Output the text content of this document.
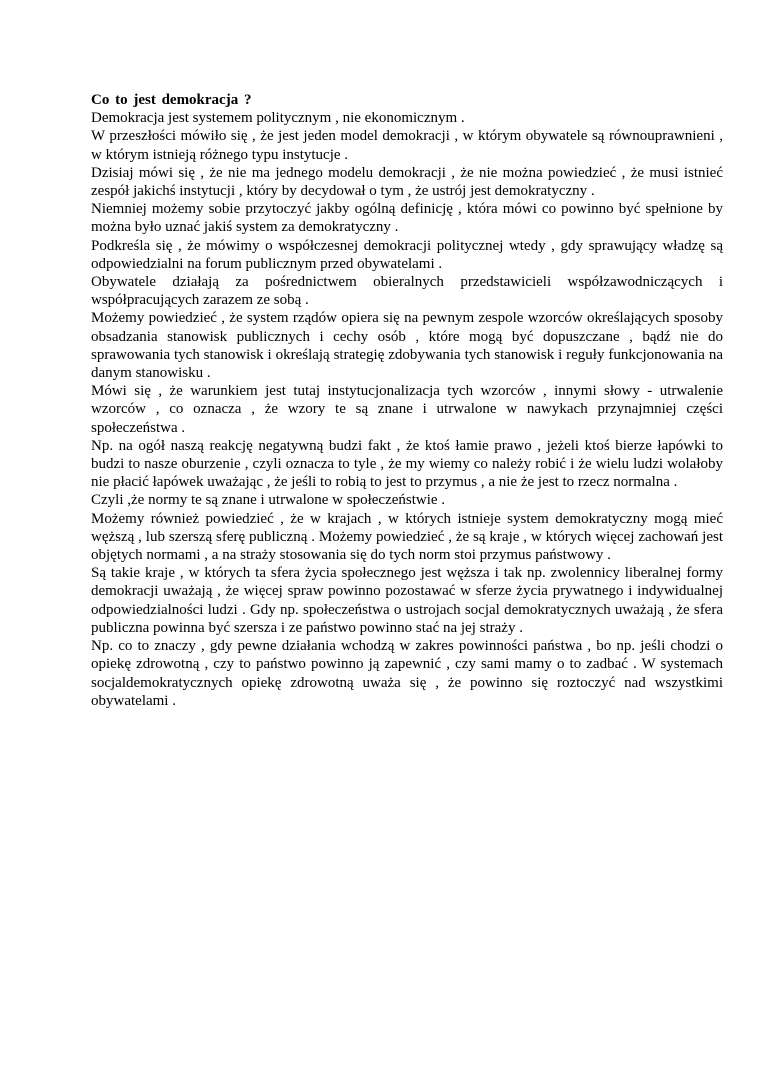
Co to jest demokracja ?

Demokracja jest systemem politycznym , nie ekonomicznym .

W przeszłości mówiło się , że jest jeden model demokracji , w którym obywatele są równouprawnieni , w którym istnieją różnego typu instytucje .

Dzisiaj mówi się , że nie ma jednego modelu demokracji , że nie można powiedzieć , że musi istnieć zespół jakichś instytucji , który by decydował o tym , że ustrój jest demokratyczny .

Niemniej możemy sobie przytoczyć jakby ogólną definicję , która mówi co powinno być spełnione by można było uznać jakiś system za demokratyczny .

Podkreśla się , że mówimy o współczesnej demokracji politycznej wtedy , gdy sprawujący władzę są odpowiedzialni na forum publicznym przed obywatelami .

Obywatele działają za pośrednictwem obieralnych przedstawicieli współzawodniczących i współpracujących zarazem ze sobą .

Możemy powiedzieć , że system rządów opiera się na pewnym zespole wzorców określających sposoby obsadzania stanowisk publicznych i cechy osób , które mogą być dopuszczane , bądź nie do sprawowania tych stanowisk i określają strategię zdobywania tych stanowisk i reguły funkcjonowania na danym stanowisku .

Mówi się , że warunkiem jest tutaj instytucjonalizacja tych wzorców , innymi słowy - utrwalenie wzorców , co oznacza , że wzory te są znane i utrwalone w nawykach przynajmniej części społeczeństwa .

Np. na ogół naszą reakcję negatywną budzi fakt , że ktoś łamie prawo , jeżeli ktoś bierze łapówki to budzi to nasze oburzenie , czyli oznacza to tyle , że my wiemy co należy robić i że wielu ludzi wolałoby nie płacić łapówek uważając , że jeśli to robią to jest to przymus , a nie że jest to rzecz normalna .

Czyli ,że normy te są znane i utrwalone w społeczeństwie .

Możemy również powiedzieć , że w krajach , w których istnieje system demokratyczny mogą mieć węższą , lub szerszą sferę publiczną . Możemy powiedzieć , że są kraje , w których więcej zachowań jest objętych normami , a na straży stosowania się do tych norm stoi przymus państwowy .

Są takie kraje , w których ta sfera życia społecznego jest węższa i tak np. zwolennicy liberalnej formy demokracji uważają , że więcej spraw powinno pozostawać w sferze życia prywatnego i indywidualnej odpowiedzialności ludzi . Gdy np. społeczeństwa o ustrojach socjal demokratycznych uważają , że sfera publiczna powinna być szersza i ze państwo powinno stać na jej straży .

Np. co to znaczy , gdy pewne działania wchodzą w zakres powinności państwa , bo np. jeśli chodzi o opiekę zdrowotną , czy to państwo powinno ją zapewnić , czy sami mamy o to zadbać . W systemach socjaldemokratycznych opiekę zdrowotną uważa się , że powinno się roztoczyć nad wszystkimi obywatelami .
